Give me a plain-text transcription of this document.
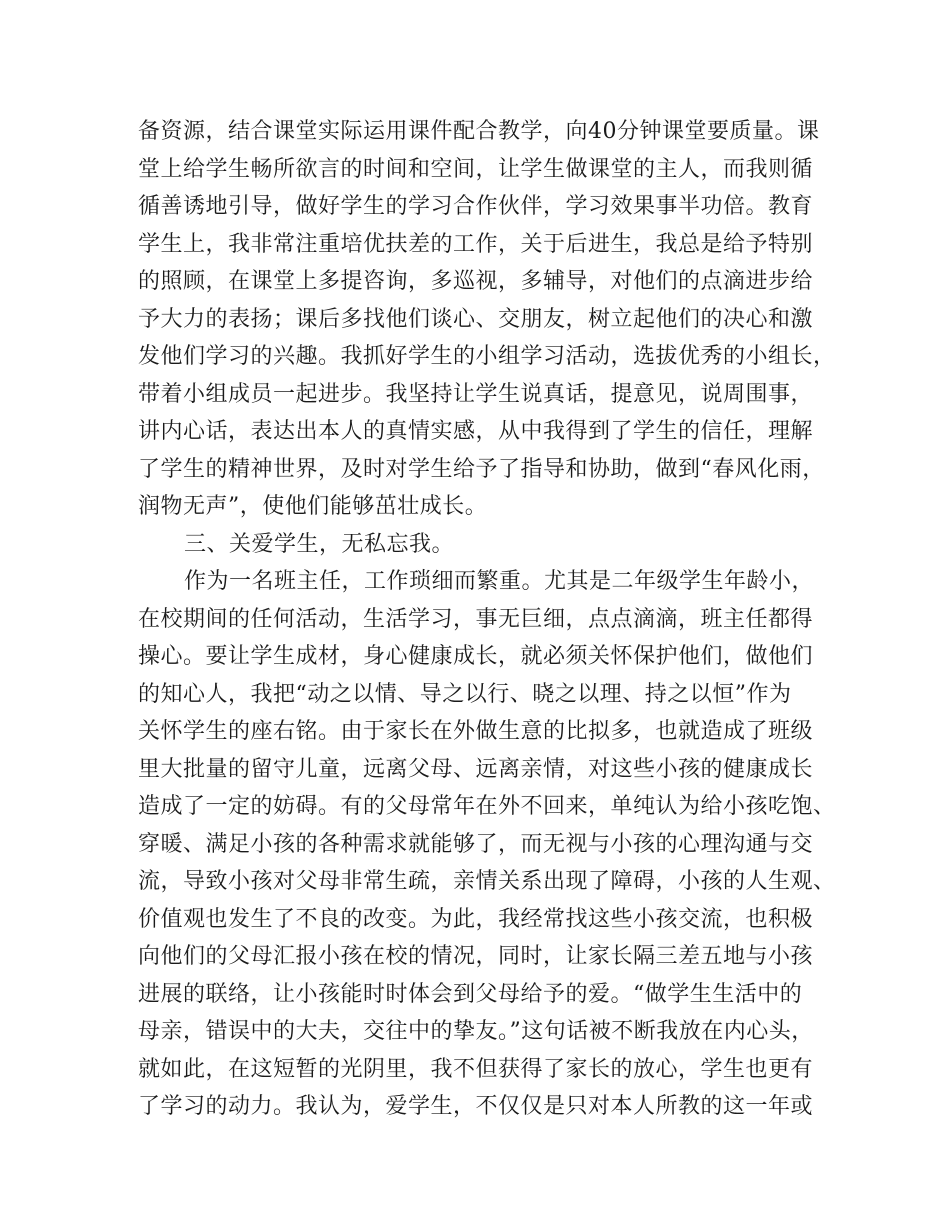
备资源，结合课堂实际运用课件配合教学，向40分钟课堂要质量。课
堂上给学生畅所欲言的时间和空间，让学生做课堂的主人，而我则循
循善诱地引导，做好学生的学习合作伙伴，学习效果事半功倍。教育
学生上，我非常注重培优扶差的工作，关于后进生，我总是给予特别
的照顾，在课堂上多提咨询，多巡视，多辅导，对他们的点滴进步给
予大力的表扬；课后多找他们谈心、交朋友，树立起他们的决心和激
发他们学习的兴趣。我抓好学生的小组学习活动，选拔优秀的小组长，
带着小组成员一起进步。我坚持让学生说真话，提意见，说周围事，
讲内心话，表达出本人的真情实感，从中我得到了学生的信任，理解
了学生的精神世界，及时对学生给予了指导和协助，做到“春风化雨，
润物无声”，使他们能够茁壮成长。
三、关爱学生，无私忘我。
作为一名班主任，工作琐细而繁重。尤其是二年级学生年龄小，
在校期间的任何活动，生活学习，事无巨细，点点滴滴，班主任都得
操心。要让学生成材，身心健康成长，就必须关怀保护他们，做他们
的知心人，我把“动之以情、导之以行、晓之以理、持之以恒”作为
关怀学生的座右铭。由于家长在外做生意的比拟多，也就造成了班级
里大批量的留守儿童，远离父母、远离亲情，对这些小孩的健康成长
造成了一定的妨碍。有的父母常年在外不回来，单纯认为给小孩吃饱、
穿暖、满足小孩的各种需求就能够了，而无视与小孩的心理沟通与交
流，导致小孩对父母非常生疏，亲情关系出现了障碍，小孩的人生观、
价值观也发生了不良的改变。为此，我经常找这些小孩交流，也积极
向他们的父母汇报小孩在校的情况，同时，让家长隔三差五地与小孩
进展的联络，让小孩能时时体会到父母给予的爱。“做学生生活中的
母亲，错误中的大夫，交往中的挚友。”这句话被不断我放在内心头，
就如此，在这短暂的光阴里，我不但获得了家长的放心，学生也更有
了学习的动力。我认为，爱学生，不仅仅是只对本人所教的这一年或
